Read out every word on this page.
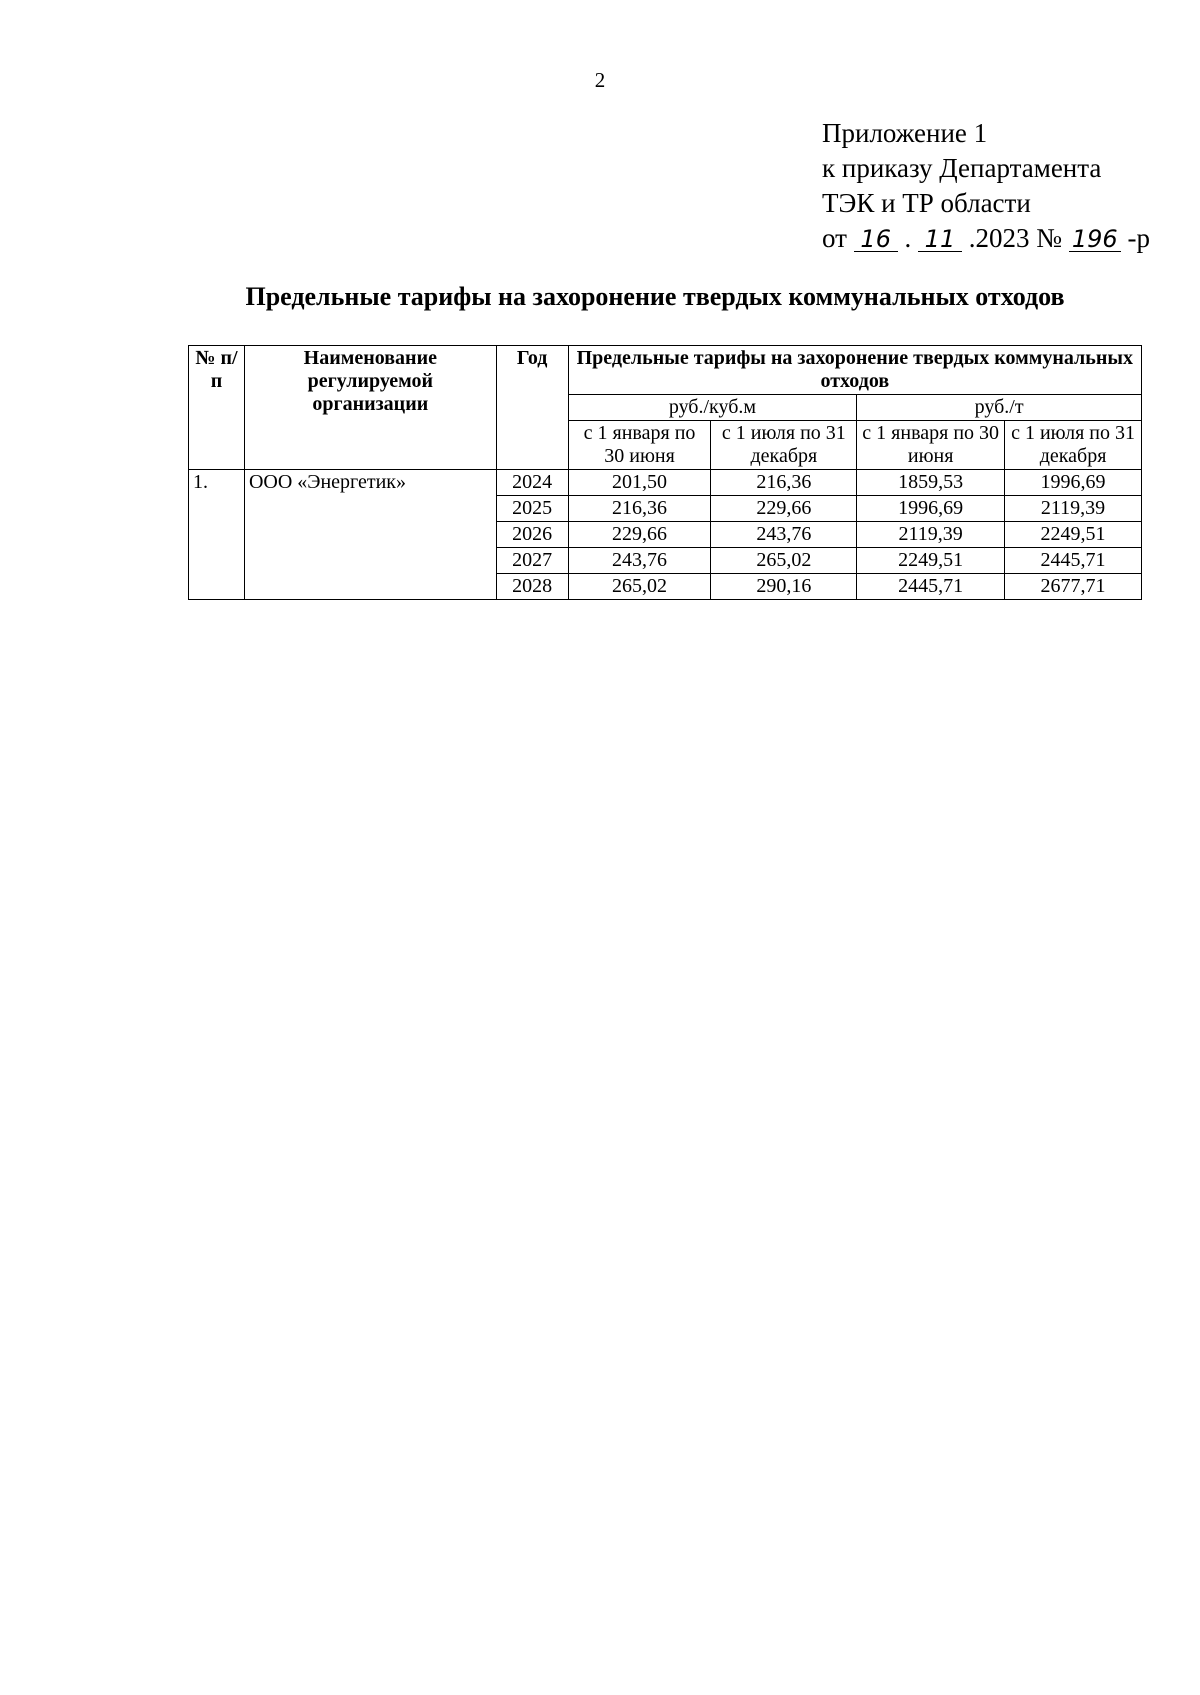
2
Приложение 1
к приказу Департамента
ТЭК и ТР области
от 16 . 11 .2023 № 196 -р
Предельные тарифы на захоронение твердых коммунальных отходов
№ п/п	Наименование регулируемой организации	Год	Предельные тарифы на захоронение твердых коммунальных отходов			
			руб./куб.м		руб./т	
			с 1 января по 30 июня	с 1 июля по 31 декабря	с 1 января по 30 июня	с 1 июля по 31 декабря
1.	ООО «Энергетик»	2024	201,50	216,36	1859,53	1996,69
		2025	216,36	229,66	1996,69	2119,39
		2026	229,66	243,76	2119,39	2249,51
		2027	243,76	265,02	2249,51	2445,71
		2028	265,02	290,16	2445,71	2677,71
